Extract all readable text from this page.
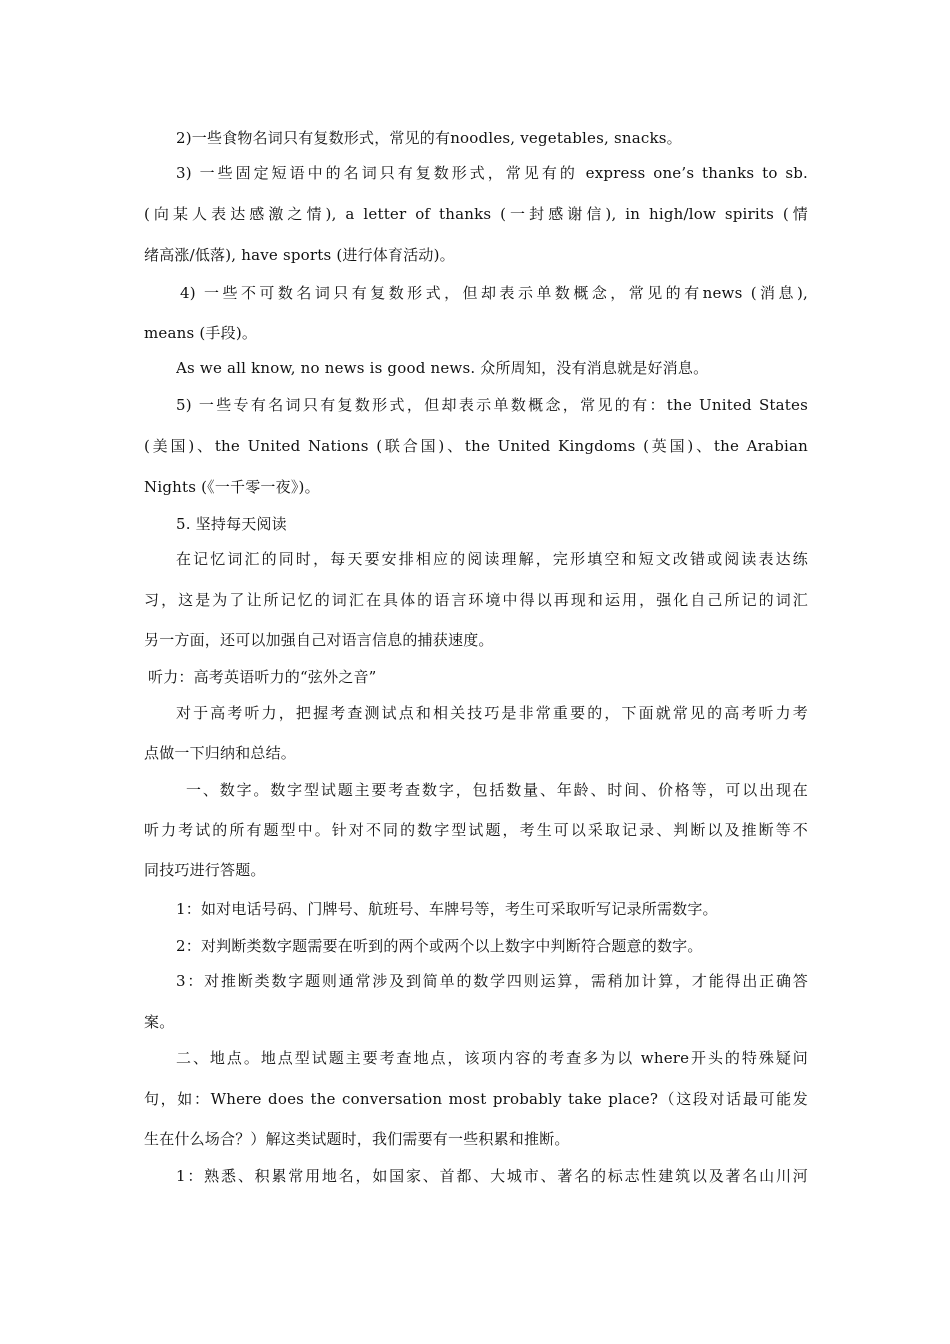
2)一些食物名词只有复数形式，常见的有noodles, vegetables, snacks。
3) 一些固定短语中的名词只有复数形式，常见有的 express one’s thanks to sb.
(向某人表达感激之情), a letter of thanks (一封感谢信), in high/low spirits (情
绪高涨/低落), have sports (进行体育活动)。
4) 一些不可数名词只有复数形式，但却表示单数概念，常见的有news (消息),
means (手段)。
As we all know, no news is good news. 众所周知，没有消息就是好消息。
5) 一些专有名词只有复数形式，但却表示单数概念，常见的有：the United States
(美国)、the United Nations (联合国)、the United Kingdoms (英国)、the Arabian
Nights (《一千零一夜》)。
5. 坚持每天阅读
在记忆词汇的同时，每天要安排相应的阅读理解，完形填空和短文改错或阅读表达练
习，这是为了让所记忆的词汇在具体的语言环境中得以再现和运用，强化自己所记的词汇
另一方面，还可以加强自己对语言信息的捕获速度。
听力：高考英语听力的“弦外之音”
对于高考听力，把握考查测试点和相关技巧是非常重要的，下面就常见的高考听力考
点做一下归纳和总结。
一、数字。数字型试题主要考查数字，包括数量、年龄、时间、价格等，可以出现在
听力考试的所有题型中。针对不同的数字型试题，考生可以采取记录、判断以及推断等不
同技巧进行答题。
1：如对电话号码、门牌号、航班号、车牌号等，考生可采取听写记录所需数字。
2：对判断类数字题需要在听到的两个或两个以上数字中判断符合题意的数字。
3：对推断类数字题则通常涉及到简单的数学四则运算，需稍加计算，才能得出正确答
案。
二、地点。地点型试题主要考查地点，该项内容的考查多为以 where开头的特殊疑问
句，如：Where does the conversation most probably take place?（这段对话最可能发
生在什么场合？）解这类试题时，我们需要有一些积累和推断。
1：熟悉、积累常用地名，如国家、首都、大城市、著名的标志性建筑以及著名山川河
